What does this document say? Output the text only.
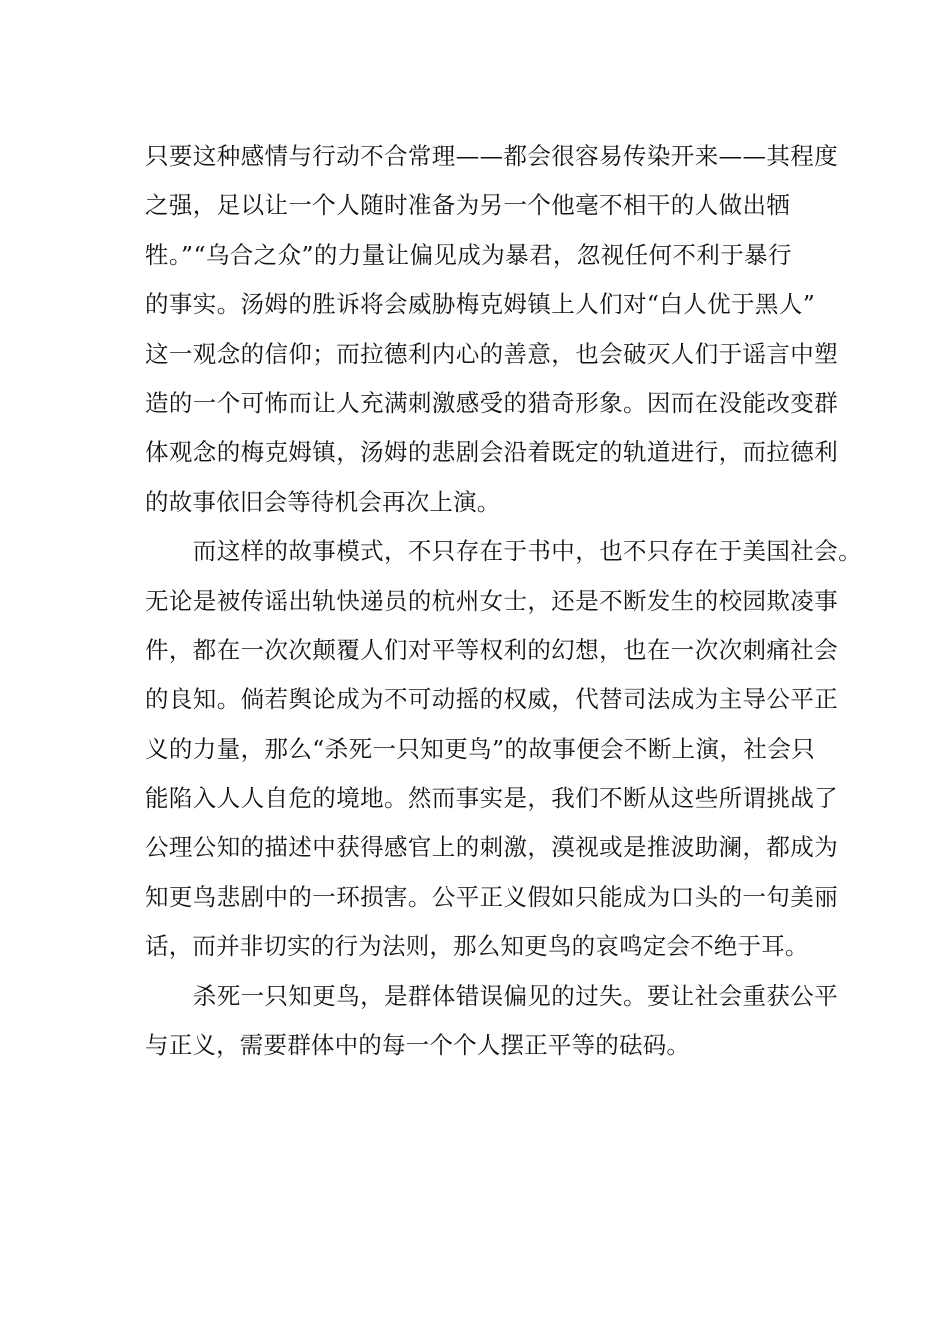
只要这种感情与行动不合常理——都会很容易传染开来——其程度
之强，足以让一个人随时准备为另一个他毫不相干的人做出牺
牲。”“乌合之众”的力量让偏见成为暴君，忽视任何不利于暴行
的事实。汤姆的胜诉将会威胁梅克姆镇上人们对“白人优于黑人”
这一观念的信仰；而拉德利内心的善意，也会破灭人们于谣言中塑
造的一个可怖而让人充满刺激感受的猎奇形象。因而在没能改变群
体观念的梅克姆镇，汤姆的悲剧会沿着既定的轨道进行，而拉德利
的故事依旧会等待机会再次上演。
　　而这样的故事模式，不只存在于书中，也不只存在于美国社会。
无论是被传谣出轨快递员的杭州女士，还是不断发生的校园欺凌事
件，都在一次次颠覆人们对平等权利的幻想，也在一次次刺痛社会
的良知。倘若舆论成为不可动摇的权威，代替司法成为主导公平正
义的力量，那么“杀死一只知更鸟”的故事便会不断上演，社会只
能陷入人人自危的境地。然而事实是，我们不断从这些所谓挑战了
公理公知的描述中获得感官上的刺激，漠视或是推波助澜，都成为
知更鸟悲剧中的一环损害。公平正义假如只能成为口头的一句美丽
话，而并非切实的行为法则，那么知更鸟的哀鸣定会不绝于耳。
　　杀死一只知更鸟，是群体错误偏见的过失。要让社会重获公平
与正义，需要群体中的每一个个人摆正平等的砝码。
